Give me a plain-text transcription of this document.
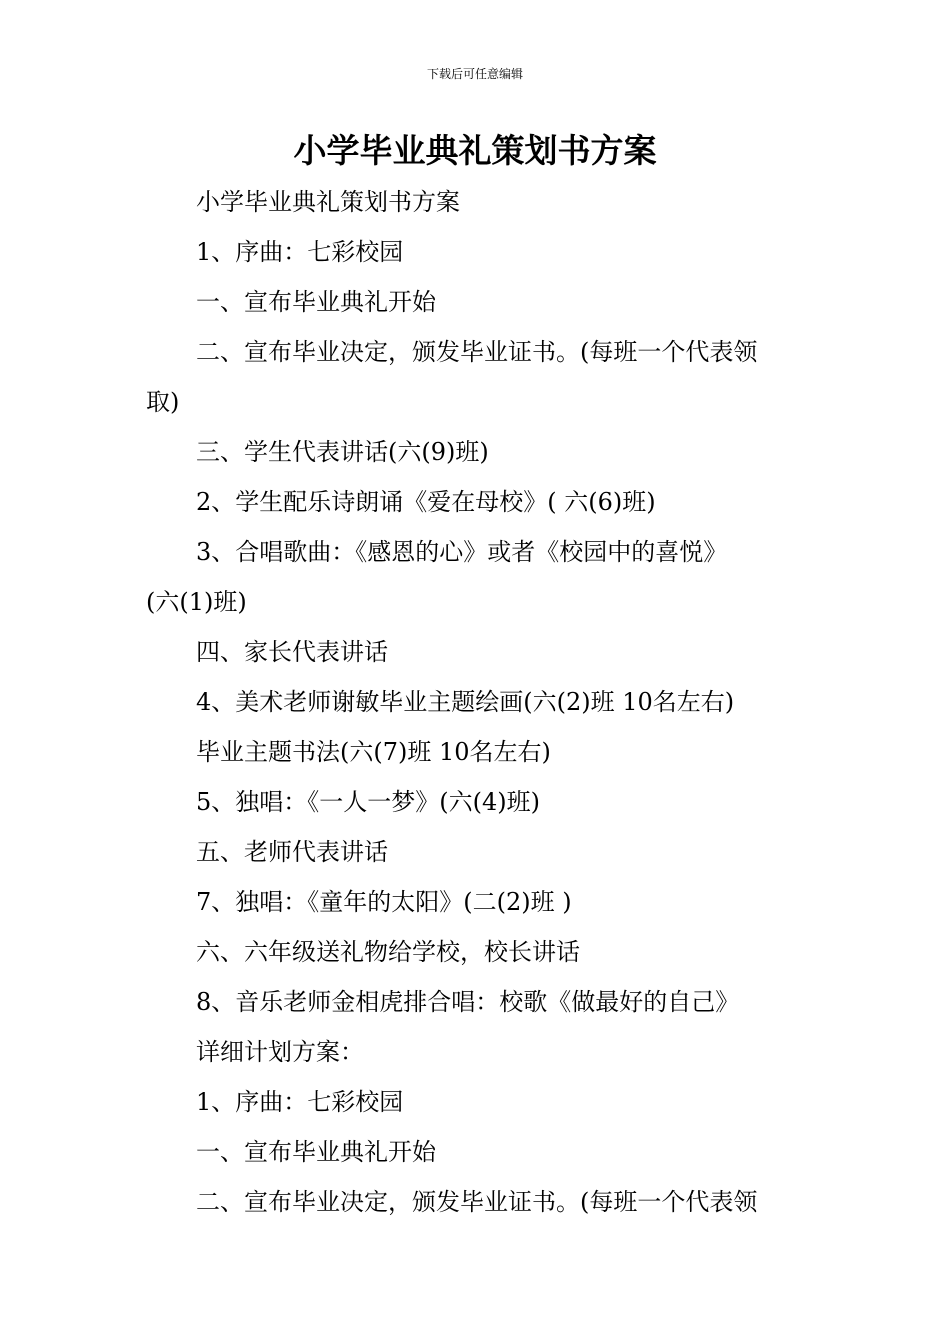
下载后可任意编辑
小学毕业典礼策划书方案

小学毕业典礼策划书方案

1、序曲：七彩校园

一、宣布毕业典礼开始

二、宣布毕业决定，颁发毕业证书。(每班一个代表领

取)

三、学生代表讲话(六(9)班)

2、学生配乐诗朗诵《爱在母校》( 六(6)班)

3、合唱歌曲：《感恩的心》或者《校园中的喜悦》

(六(1)班)

四、家长代表讲话

4、美术老师谢敏毕业主题绘画(六(2)班 10名左右)

毕业主题书法(六(7)班 10名左右)

5、独唱：《一人一梦》(六(4)班)

五、老师代表讲话

7、独唱：《童年的太阳》(二(2)班 )

六、六年级送礼物给学校，校长讲话

8、音乐老师金相虎排合唱：校歌《做最好的自己》

详细计划方案：

1、序曲：七彩校园

一、宣布毕业典礼开始

二、宣布毕业决定，颁发毕业证书。(每班一个代表领
